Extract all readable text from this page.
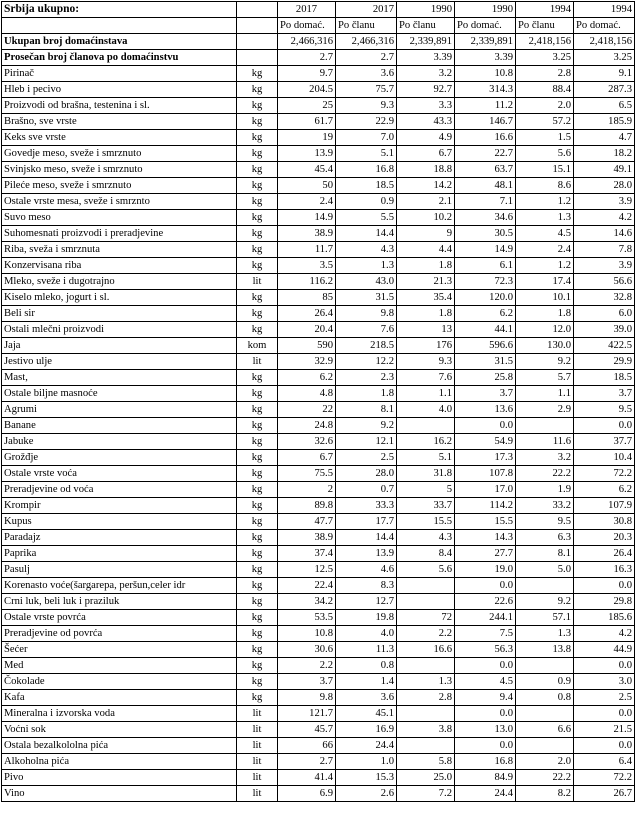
Srbija ukupno:		2017	2017	1990	1990	1994	1994
		Po domać.	Po članu	Po članu	Po domać.	Po članu	Po domać.
Ukupan broj domaćinstava		2,466,316	2,466,316	2,339,891	2,339,891	2,418,156	2,418,156
Prosečan broj članova po domaćinstvu		2.7	2.7	3.39	3.39	3.25	3.25
Pirinač	kg	9.7	3.6	3.2	10.8	2.8	9.1
Hleb i pecivo	kg	204.5	75.7	92.7	314.3	88.4	287.3
Proizvodi od brašna, testenina i sl.	kg	25	9.3	3.3	11.2	2.0	6.5
Brašno, sve vrste	kg	61.7	22.9	43.3	146.7	57.2	185.9
Keks sve vrste	kg	19	7.0	4.9	16.6	1.5	4.7
Govedje meso, sveže i smrznuto	kg	13.9	5.1	6.7	22.7	5.6	18.2
Svinjsko meso, sveže i smrznuto	kg	45.4	16.8	18.8	63.7	15.1	49.1
Pileće meso, sveže i smrznuto	kg	50	18.5	14.2	48.1	8.6	28.0
Ostale vrste mesa, sveže i smrznto	kg	2.4	0.9	2.1	7.1	1.2	3.9
Suvo meso	kg	14.9	5.5	10.2	34.6	1.3	4.2
Suhomesnati proizvodi i preradjevine	kg	38.9	14.4	9	30.5	4.5	14.6
Riba, sveža i smrznuta	kg	11.7	4.3	4.4	14.9	2.4	7.8
Konzervisana riba	kg	3.5	1.3	1.8	6.1	1.2	3.9
Mleko, sveže i dugotrajno	lit	116.2	43.0	21.3	72.3	17.4	56.6
Kiselo mleko, jogurt i sl.	kg	85	31.5	35.4	120.0	10.1	32.8
Beli sir	kg	26.4	9.8	1.8	6.2	1.8	6.0
Ostali mlečni proizvodi	kg	20.4	7.6	13	44.1	12.0	39.0
Jaja	kom	590	218.5	176	596.6	130.0	422.5
Jestivo ulje	lit	32.9	12.2	9.3	31.5	9.2	29.9
Mast,	kg	6.2	2.3	7.6	25.8	5.7	18.5
Ostale biljne masnoće	kg	4.8	1.8	1.1	3.7	1.1	3.7
Agrumi	kg	22	8.1	4.0	13.6	2.9	9.5
Banane	kg	24.8	9.2		0.0		0.0
Jabuke	kg	32.6	12.1	16.2	54.9	11.6	37.7
Grožđje	kg	6.7	2.5	5.1	17.3	3.2	10.4
Ostale vrste voća	kg	75.5	28.0	31.8	107.8	22.2	72.2
Preradjevine od voća	kg	2	0.7	5	17.0	1.9	6.2
Krompir	kg	89.8	33.3	33.7	114.2	33.2	107.9
Kupus	kg	47.7	17.7	15.5	15.5	9.5	30.8
Paradajz	kg	38.9	14.4	4.3	14.3	6.3	20.3
Paprika	kg	37.4	13.9	8.4	27.7	8.1	26.4
Pasulj	kg	12.5	4.6	5.6	19.0	5.0	16.3
Korenasto voće(šargarepa, peršun,celer idr	kg	22.4	8.3		0.0		0.0
Crni luk, beli luk i praziluk	kg	34.2	12.7		22.6	9.2	29.8
Ostale vrste povrća	kg	53.5	19.8	72	244.1	57.1	185.6
Preradjevine od povrća	kg	10.8	4.0	2.2	7.5	1.3	4.2
Šećer	kg	30.6	11.3	16.6	56.3	13.8	44.9
Med	kg	2.2	0.8		0.0		0.0
Čokolade	kg	3.7	1.4	1.3	4.5	0.9	3.0
Kafa	kg	9.8	3.6	2.8	9.4	0.8	2.5
Mineralna i izvorska voda	lit	121.7	45.1		0.0		0.0
Voćni sok	lit	45.7	16.9	3.8	13.0	6.6	21.5
Ostala bezalkololna pića	lit	66	24.4		0.0		0.0
Alkoholna pića	lit	2.7	1.0	5.8	16.8	2.0	6.4
Pivo	lit	41.4	15.3	25.0	84.9	22.2	72.2
Vino	lit	6.9	2.6	7.2	24.4	8.2	26.7
